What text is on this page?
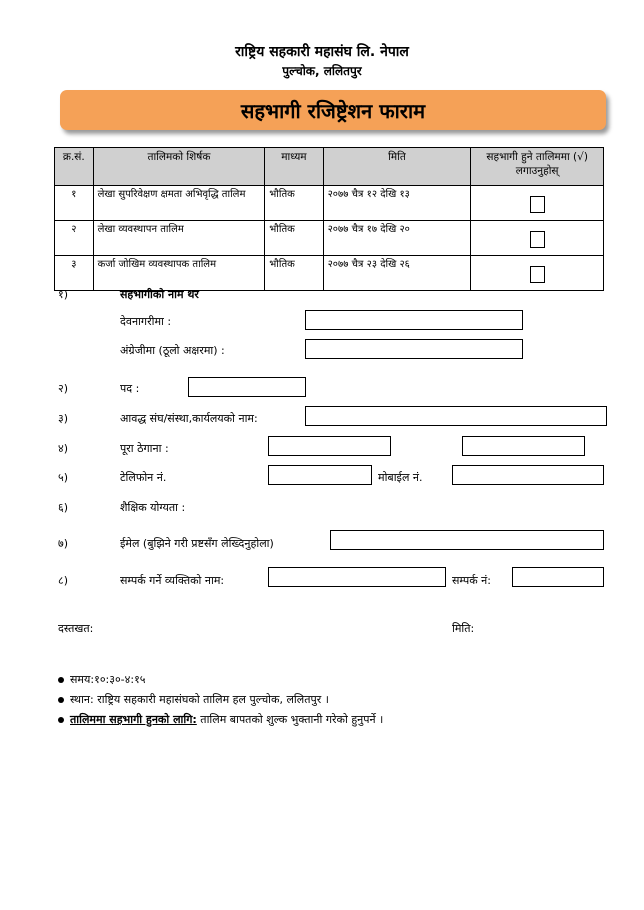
राष्ट्रिय सहकारी महासंघ लि. नेपाल
पुल्चोक, ललितपुर
सहभागी रजिष्ट्रेशन फाराम
क्र.सं.	तालिमको शिर्षक	माध्यम	मिति	सहभागी हुने तालिममा (√) लगाउनुहोस्
१	लेखा सुपरिवेक्षण क्षमता अभिवृद्धि तालिम	भौतिक	२०७७ चैत्र १२ देखि १३	

२	लेखा व्यवस्थापन तालिम	भौतिक	२०७७ चैत्र १७ देखि २०	

३	कर्जा जोखिम व्यवस्थापक तालिम	भौतिक	२०७७ चैत्र २३ देखि २६	
१)	सहभागीको नाम थर
देवनागरीमा :
अंग्रेजीमा (ठूलो अक्षरमा) :
२)	पद :
३)	आवद्ध संघ/संस्था,कार्यलयको नाम:
४)	पूरा ठेगाना :
५)	टेलिफोन नं.	मोबाईल नं.
६)	शैक्षिक योग्यता :
७)	ईमेल (बुझिने गरी प्रष्टसँग लेख्दिनुहोला)
८)	सम्पर्क गर्ने व्यक्तिको नाम:	सम्पर्क नं:
दस्तखत:	मिति:
समय:१०:३०-४:१५
स्थान: राष्ट्रिय सहकारी महासंघको तालिम हल पुल्चोक, ललितपुर ।
तालिममा सहभागी हुनको लागि: तालिम बापतको शुल्क भुक्तानी गरेको हुनुपर्ने ।
